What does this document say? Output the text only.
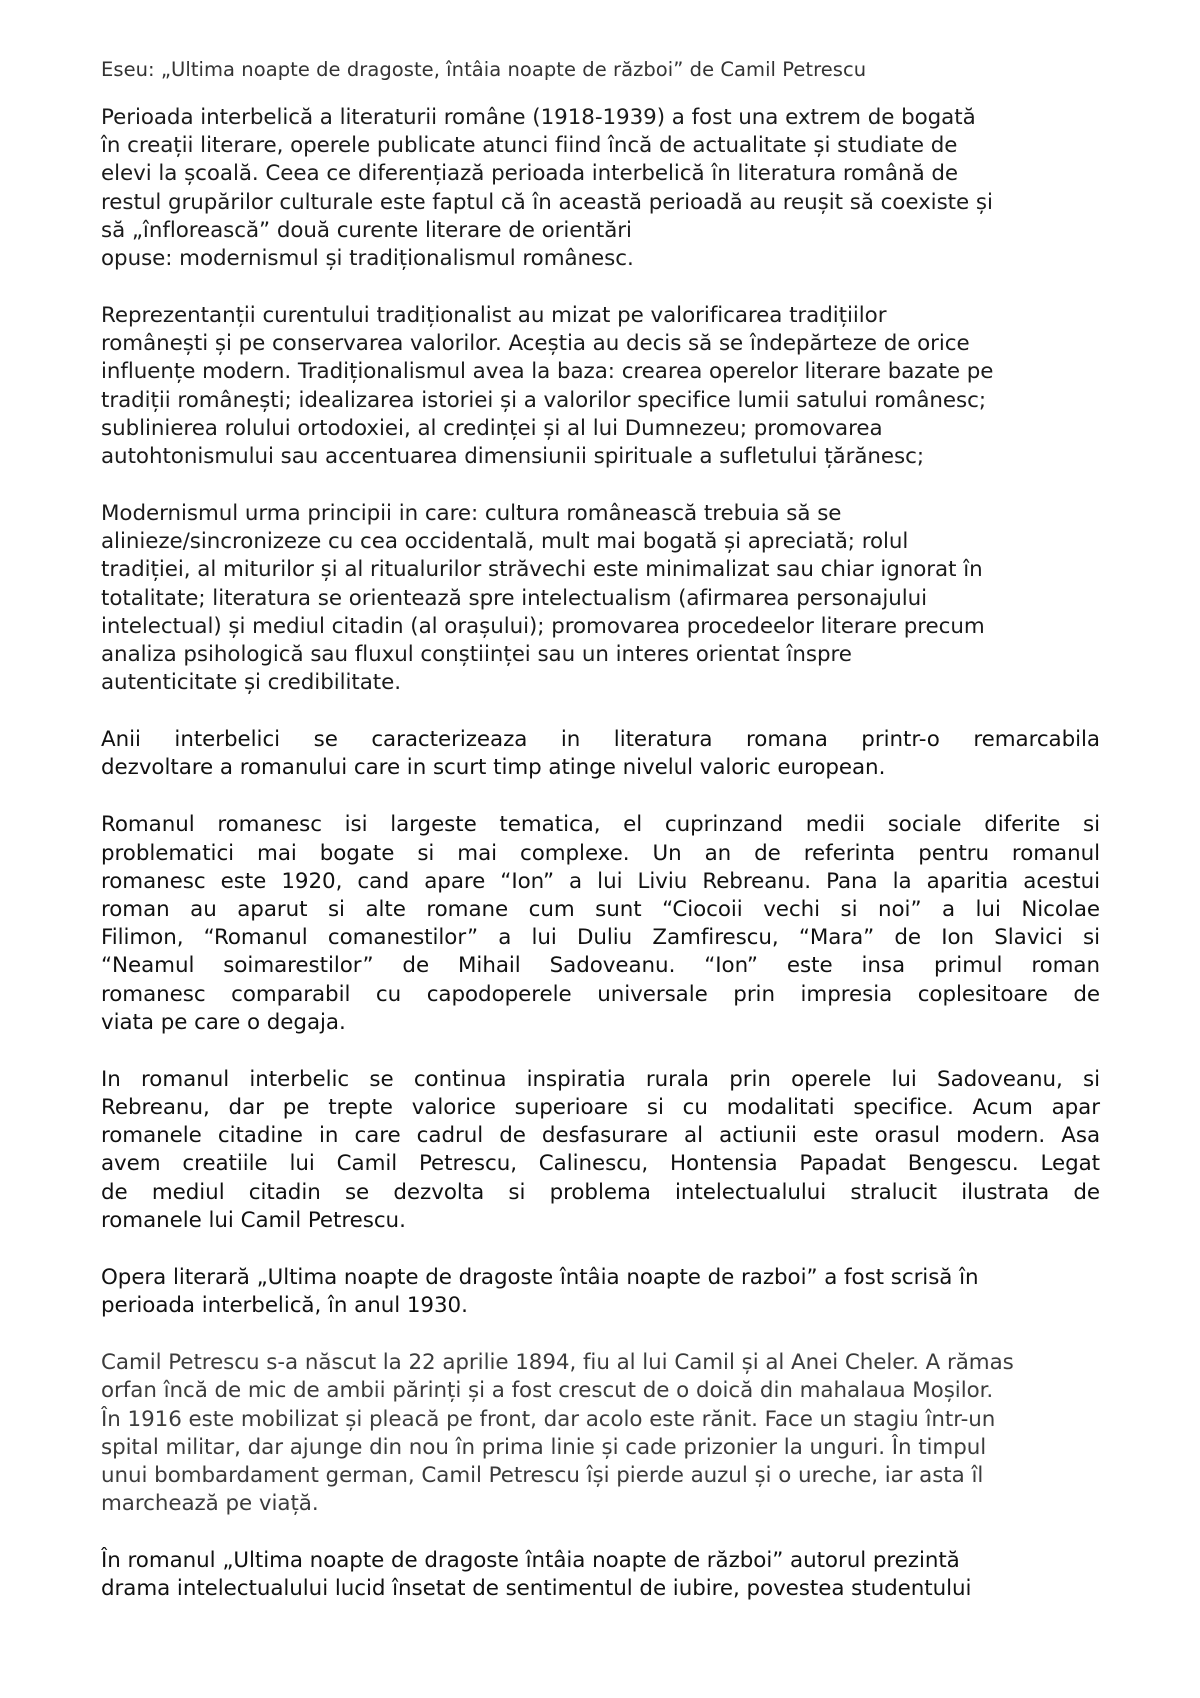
Eseu: „Ultima noapte de dragoste, întâia noapte de război” de Camil Petrescu

Perioada interbelică a literaturii române (1918-1939) a fost una extrem de bogată
în creații literare, operele publicate atunci fiind încă de actualitate și studiate de
elevi la școală. Ceea ce diferențiază perioada interbelică în literatura română de
restul grupărilor culturale este faptul că în această perioadă au reușit să coexiste și
să „înflorească” două curente literare de orientări
opuse: modernismul și tradiționalismul românesc.

Reprezentanții curentului tradiționalist au mizat pe valorificarea tradițiilor
românești și pe conservarea valorilor. Aceștia au decis să se îndepărteze de orice
influențe modern. Tradiționalismul avea la baza: crearea operelor literare bazate pe
tradiții românești; idealizarea istoriei și a valorilor specifice lumii satului românesc;
sublinierea rolului ortodoxiei, al credinței și al lui Dumnezeu; promovarea
autohtonismului sau accentuarea dimensiunii spirituale a sufletului țărănesc;

Modernismul urma principii in care: cultura românească trebuia să se
alinieze/sincronizeze cu cea occidentală, mult mai bogată și apreciată; rolul
tradiției, al miturilor și al ritualurilor străvechi este minimalizat sau chiar ignorat în
totalitate; literatura se orientează spre intelectualism (afirmarea personajului
intelectual) și mediul citadin (al orașului); promovarea procedeelor literare precum
analiza psihologică sau fluxul conștiinței sau un interes orientat înspre
autenticitate și credibilitate.

Anii interbelici se caracterizeaza in literatura romana printr-o remarcabila
dezvoltare a romanului care in scurt timp atinge nivelul valoric european.

Romanul romanesc isi largeste tematica, el cuprinzand medii sociale diferite si
problematici mai bogate si mai complexe. Un an de referinta pentru romanul
romanesc este 1920, cand apare “Ion” a lui Liviu Rebreanu. Pana la aparitia acestui
roman au aparut si alte romane cum sunt “Ciocoii vechi si noi” a lui Nicolae
Filimon, “Romanul comanestilor” a lui Duliu Zamfirescu, “Mara” de Ion Slavici si
“Neamul soimarestilor” de Mihail Sadoveanu. “Ion” este insa primul roman
romanesc comparabil cu capodoperele universale prin impresia coplesitoare de
viata pe care o degaja.

In romanul interbelic se continua inspiratia rurala prin operele lui Sadoveanu, si
Rebreanu, dar pe trepte valorice superioare si cu modalitati specifice. Acum apar
romanele citadine in care cadrul de desfasurare al actiunii este orasul modern. Asa
avem creatiile lui Camil Petrescu, Calinescu, Hontensia Papadat Bengescu. Legat
de mediul citadin se dezvolta si problema intelectualului stralucit ilustrata de
romanele lui Camil Petrescu.

Opera literară „Ultima noapte de dragoste întâia noapte de razboi” a fost scrisă în
perioada interbelică, în anul 1930.

Camil Petrescu s-a născut la 22 aprilie 1894, fiu al lui Camil și al Anei Cheler. A rămas
orfan încă de mic de ambii părinți și a fost crescut de o doică din mahalaua Moșilor.
În 1916 este mobilizat și pleacă pe front, dar acolo este rănit. Face un stagiu într-un
spital militar, dar ajunge din nou în prima linie și cade prizonier la unguri. În timpul
unui bombardament german, Camil Petrescu își pierde auzul și o ureche, iar asta îl
marchează pe viață.

În romanul „Ultima noapte de dragoste întâia noapte de război” autorul prezintă
drama intelectualului lucid însetat de sentimentul de iubire, povestea studentului
